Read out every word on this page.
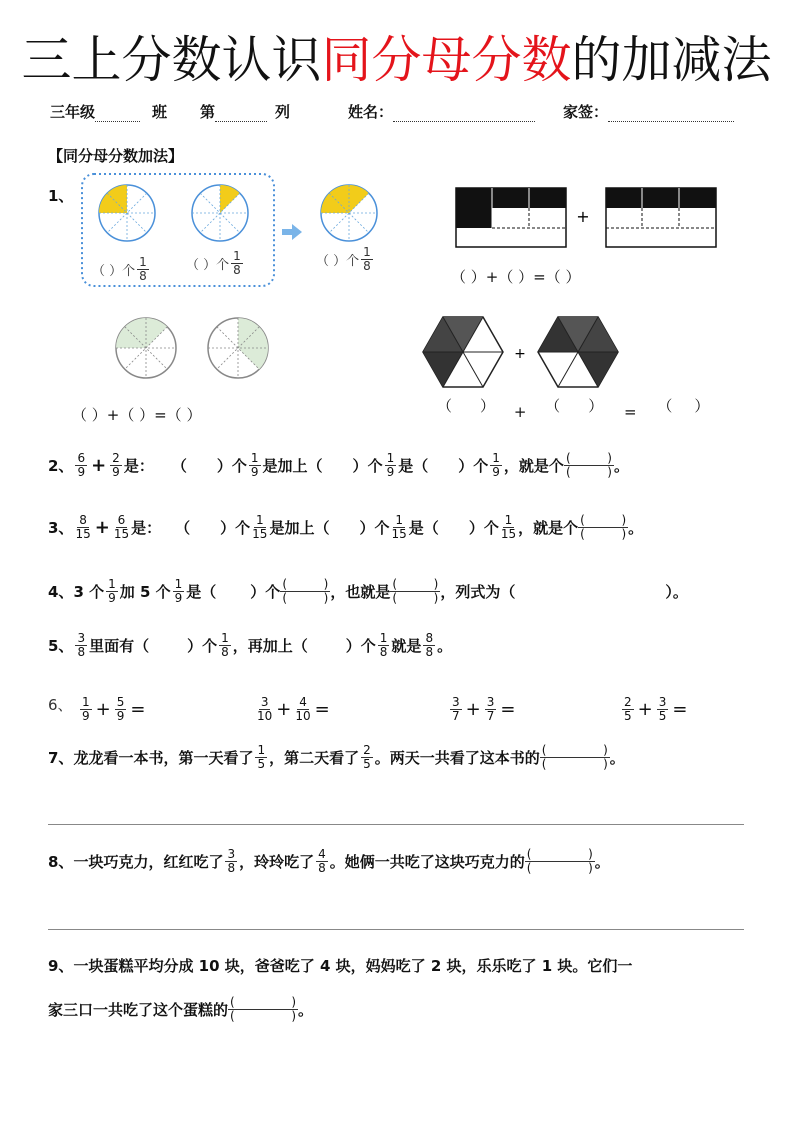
三上分数认识同分母分数的加减法
三年级	班 第	列	姓名：	家签：
【同分母分数加法】
1、
+
+
（ ）个 $\frac{1}{8}$	（ ）个 $\frac{1}{8}$	（ ）个 $\frac{1}{8}$
（ ）+（ ）=（ ）
（ ）+（ ）=（ ）	（ ） + （ ） = （ ）
2、 $\frac{6}{9} + \frac{2}{9}$ 是： （ ） 个 $\frac{1}{9}$ 是加上 （ ） 个 $\frac{1}{9}$ 是 （ ） 个 $\frac{1}{9}$ ，就是个 (	)
(	) 。
3、 $\frac{8}{15} + \frac{6}{15}$ 是： （ ） 个 $\frac{1}{15}$ 是加上 （ ） 个 $\frac{1}{15}$ 是 （ ） 个 $\frac{1}{15}$ ，就是个 (	)
(	) 。
4、 3 个 $\frac{1}{9}$ 加 5 个 $\frac{1}{9}$ 是（ ）个 (	)
(	) ，也就是 (	)
(	) ，列式为（	）。
5、 $\frac{3}{8}$ 里面有（	）个 $\frac{1}{8}$ ，再加上（	）个 $\frac{1}{8}$ 就是 $\frac{8}{8}$ 。
6、 $\frac{1}{9} + \frac{5}{9}$ =	$\frac{3}{10} + \frac{4}{10}$ =	$\frac{3}{7} + \frac{3}{7}$ =	$\frac{2}{5} + \frac{3}{5}$ =
7、 龙龙看一本书，第一天看了 $\frac{1}{5}$ ，第二天看了 $\frac{2}{5}$ 。两天一共看了这本书的 (	)
(	) 。
8、 一块巧克力，红红吃了 $\frac{3}{8}$ ，玲玲吃了 $\frac{4}{8}$ 。她俩一共吃了这块巧克力的 (	)
(	) 。
9、 一块蛋糕平均分成 10 块，爸爸吃了 4 块，妈妈吃了 2 块，乐乐吃了 1 块。它们一
家三口一共吃了这个蛋糕的 (	)
(	) 。
